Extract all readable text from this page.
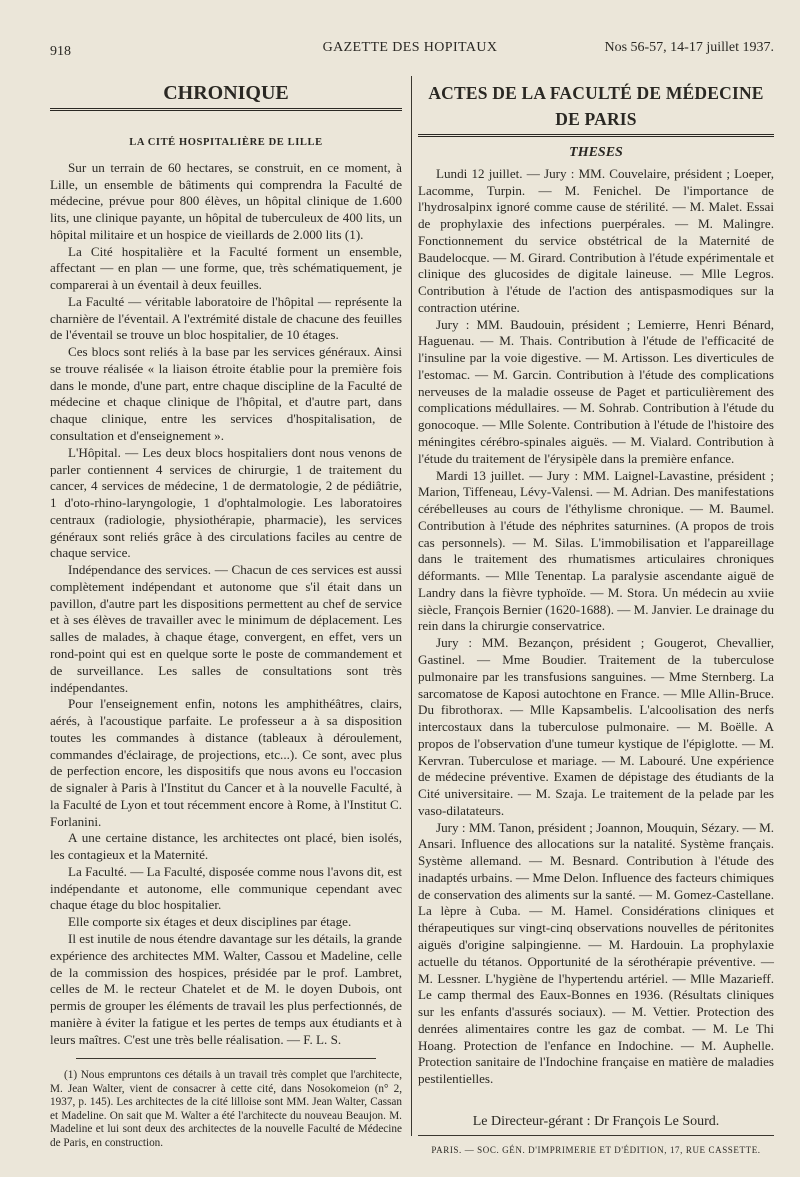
918	GAZETTE DES HOPITAUX	Nos 56-57, 14-17 juillet 1937.
CHRONIQUE
LA CITÉ HOSPITALIÈRE DE LILLE

Sur un terrain de 60 hectares, se construit, en ce moment, à Lille, un ensemble de bâtiments qui comprendra la Faculté de médecine, prévue pour 800 élèves, un hôpital clinique de 1.600 lits, une clinique payante, un hôpital de tuberculeux de 400 lits, un hôpital militaire et un hospice de vieillards de 2.000 lits (1).

La Cité hospitalière et la Faculté forment un ensemble, affectant — en plan — une forme, que, très schématiquement, je comparerai à un éventail à deux feuilles.

La Faculté — véritable laboratoire de l'hôpital — représente la charnière de l'éventail. A l'extrémité distale de chacune des feuilles de l'éventail se trouve un bloc hospitalier, de 10 étages.

Ces blocs sont reliés à la base par les services généraux. Ainsi se trouve réalisée « la liaison étroite établie pour la première fois dans le monde, d'une part, entre chaque discipline de la Faculté de médecine et chaque clinique de l'hôpital, et d'autre part, dans chaque clinique, entre les services d'hospitalisation, de consultation et d'enseignement ».

L'Hôpital. — Les deux blocs hospitaliers dont nous venons de parler contiennent 4 services de chirurgie, 1 de traitement du cancer, 4 services de médecine, 1 de dermatologie, 2 de pédiâtrie, 1 d'oto-rhino-laryngologie, 1 d'ophtalmologie. Les laboratoires centraux (radiologie, physiothérapie, pharmacie), les services généraux sont reliés grâce à des circulations faciles au centre de chaque service.

Indépendance des services. — Chacun de ces services est aussi complètement indépendant et autonome que s'il était dans un pavillon, d'autre part les dispositions permettent au chef de service et à ses élèves de travailler avec le minimum de déplacement. Les salles de malades, à chaque étage, convergent, en effet, vers un rond-point qui est en quelque sorte le poste de commandement et de surveillance. Les salles de consultations sont très indépendantes.

Pour l'enseignement enfin, notons les amphithéâtres, clairs, aérés, à l'acoustique parfaite. Le professeur a à sa disposition toutes les commandes à distance (tableaux à déroulement, commandes d'éclairage, de projections, etc...). Ce sont, avec plus de perfection encore, les dispositifs que nous avons eu l'occasion de signaler à Paris à l'Institut du Cancer et à la nouvelle Faculté, à la Faculté de Lyon et tout récemment encore à Rome, à l'Institut C. Forlanini.

A une certaine distance, les architectes ont placé, bien isolés, les contagieux et la Maternité.

La Faculté. — La Faculté, disposée comme nous l'avons dit, est indépendante et autonome, elle communique cependant avec chaque étage du bloc hospitalier.

Elle comporte six étages et deux disciplines par étage.

Il est inutile de nous étendre davantage sur les détails, la grande expérience des architectes MM. Walter, Cassou et Madeline, celle de la commission des hospices, présidée par le prof. Lambret, celles de M. le recteur Chatelet et de M. le doyen Dubois, ont permis de grouper les éléments de travail les plus perfectionnés, de manière à éviter la fatigue et les pertes de temps aux étudiants et à leurs maîtres. C'est une très belle réalisation. — F. L. S.

(1) Nous empruntons ces détails à un travail très complet que l'architecte, M. Jean Walter, vient de consacrer à cette cité, dans Nosokomeion (n° 2, 1937, p. 145). Les architectes de la cité lilloise sont MM. Jean Walter, Cassan et Madeline. On sait que M. Walter a été l'architecte du nouveau Beaujon. M. Madeline et lui sont deux des architectes de la nouvelle Faculté de Médecine de Paris, en construction.

ACTES DE LA FACULTÉ DE MÉDECINE DE PARIS
THESES

Lundi 12 juillet. — Jury : MM. Couvelaire, président ; Loeper, Lacomme, Turpin. — M. Fenichel. De l'importance de l'hydrosalpinx ignoré comme cause de stérilité. — M. Malet. Essai de prophylaxie des infections puerpérales. — M. Malingre. Fonctionnement du service obstétrical de la Maternité de Baudelocque. — M. Girard. Contribution à l'étude expérimentale et clinique des glucosides de digitale laineuse. — Mlle Legros. Contribution à l'étude de l'action des antispasmodiques sur la contraction utérine.

Jury : MM. Baudouin, président ; Lemierre, Henri Bénard, Haguenau. — M. Thais. Contribution à l'étude de l'efficacité de l'insuline par la voie digestive. — M. Artisson. Les diverticules de l'estomac. — M. Garcin. Contribution à l'étude des complications nerveuses de la maladie osseuse de Paget et particulièrement des complications médullaires. — M. Sohrab. Contribution à l'étude du gonocoque. — Mlle Solente. Contribution à l'étude de l'histoire des méningites cérébro-spinales aiguës. — M. Vialard. Contribution à l'étude du traitement de l'érysipèle dans la première enfance.

Mardi 13 juillet. — Jury : MM. Laignel-Lavastine, président ; Marion, Tiffeneau, Lévy-Valensi. — M. Adrian. Des manifestations cérébelleuses au cours de l'éthylisme chronique. — M. Baumel. Contribution à l'étude des néphrites saturnines. (A propos de trois cas personnels). — M. Silas. L'immobilisation et l'appareillage dans le traitement des rhumatismes articulaires chroniques déformants. — Mlle Tenentap. La paralysie ascendante aiguë de Landry dans la fièvre typhoïde. — M. Stora. Un médecin au xviie siècle, François Bernier (1620-1688). — M. Janvier. Le drainage du rein dans la chirurgie conservatrice.

Jury : MM. Bezançon, président ; Gougerot, Chevallier, Gastinel. — Mme Boudier. Traitement de la tuberculose pulmonaire par les transfusions sanguines. — Mme Sternberg. La sarcomatose de Kaposi autochtone en France. — Mlle Allin-Bruce. Du fibrothorax. — Mlle Kapsambelis. L'alcoolisation des nerfs intercostaux dans la tuberculose pulmonaire. — M. Boëlle. A propos de l'observation d'une tumeur kystique de l'épiglotte. — M. Kervran. Tuberculose et mariage. — M. Labouré. Une expérience de médecine préventive. Examen de dépistage des étudiants de la Cité universitaire. — M. Szaja. Le traitement de la pelade par les vaso-dilatateurs.

Jury : MM. Tanon, président ; Joannon, Mouquin, Sézary. — M. Ansari. Influence des allocations sur la natalité. Système français. Système allemand. — M. Besnard. Contribution à l'étude des inadaptés urbains. — Mme Delon. Influence des facteurs chimiques de conservation des aliments sur la santé. — M. Gomez-Castellane. La lèpre à Cuba. — M. Hamel. Considérations cliniques et thérapeutiques sur vingt-cinq observations nouvelles de péritonites aiguës d'origine salpingienne. — M. Hardouin. La prophylaxie actuelle du tétanos. Opportunité de la sérothérapie préventive. — M. Lessner. L'hygiène de l'hypertendu artériel. — Mlle Mazarieff. Le camp thermal des Eaux-Bonnes en 1936. (Résultats cliniques sur les enfants d'assurés sociaux). — M. Vettier. Protection des denrées alimentaires contre les gaz de combat. — M. Le Thi Hoang. Protection de l'enfance en Indochine. — M. Auphelle. Protection sanitaire de l'Indochine française en matière de maladies pestilentielles.

Le Directeur-gérant : Dr François Le Sourd.
PARIS. — SOC. GÉN. D'IMPRIMERIE ET D'ÉDITION, 17, RUE CASSETTE.
